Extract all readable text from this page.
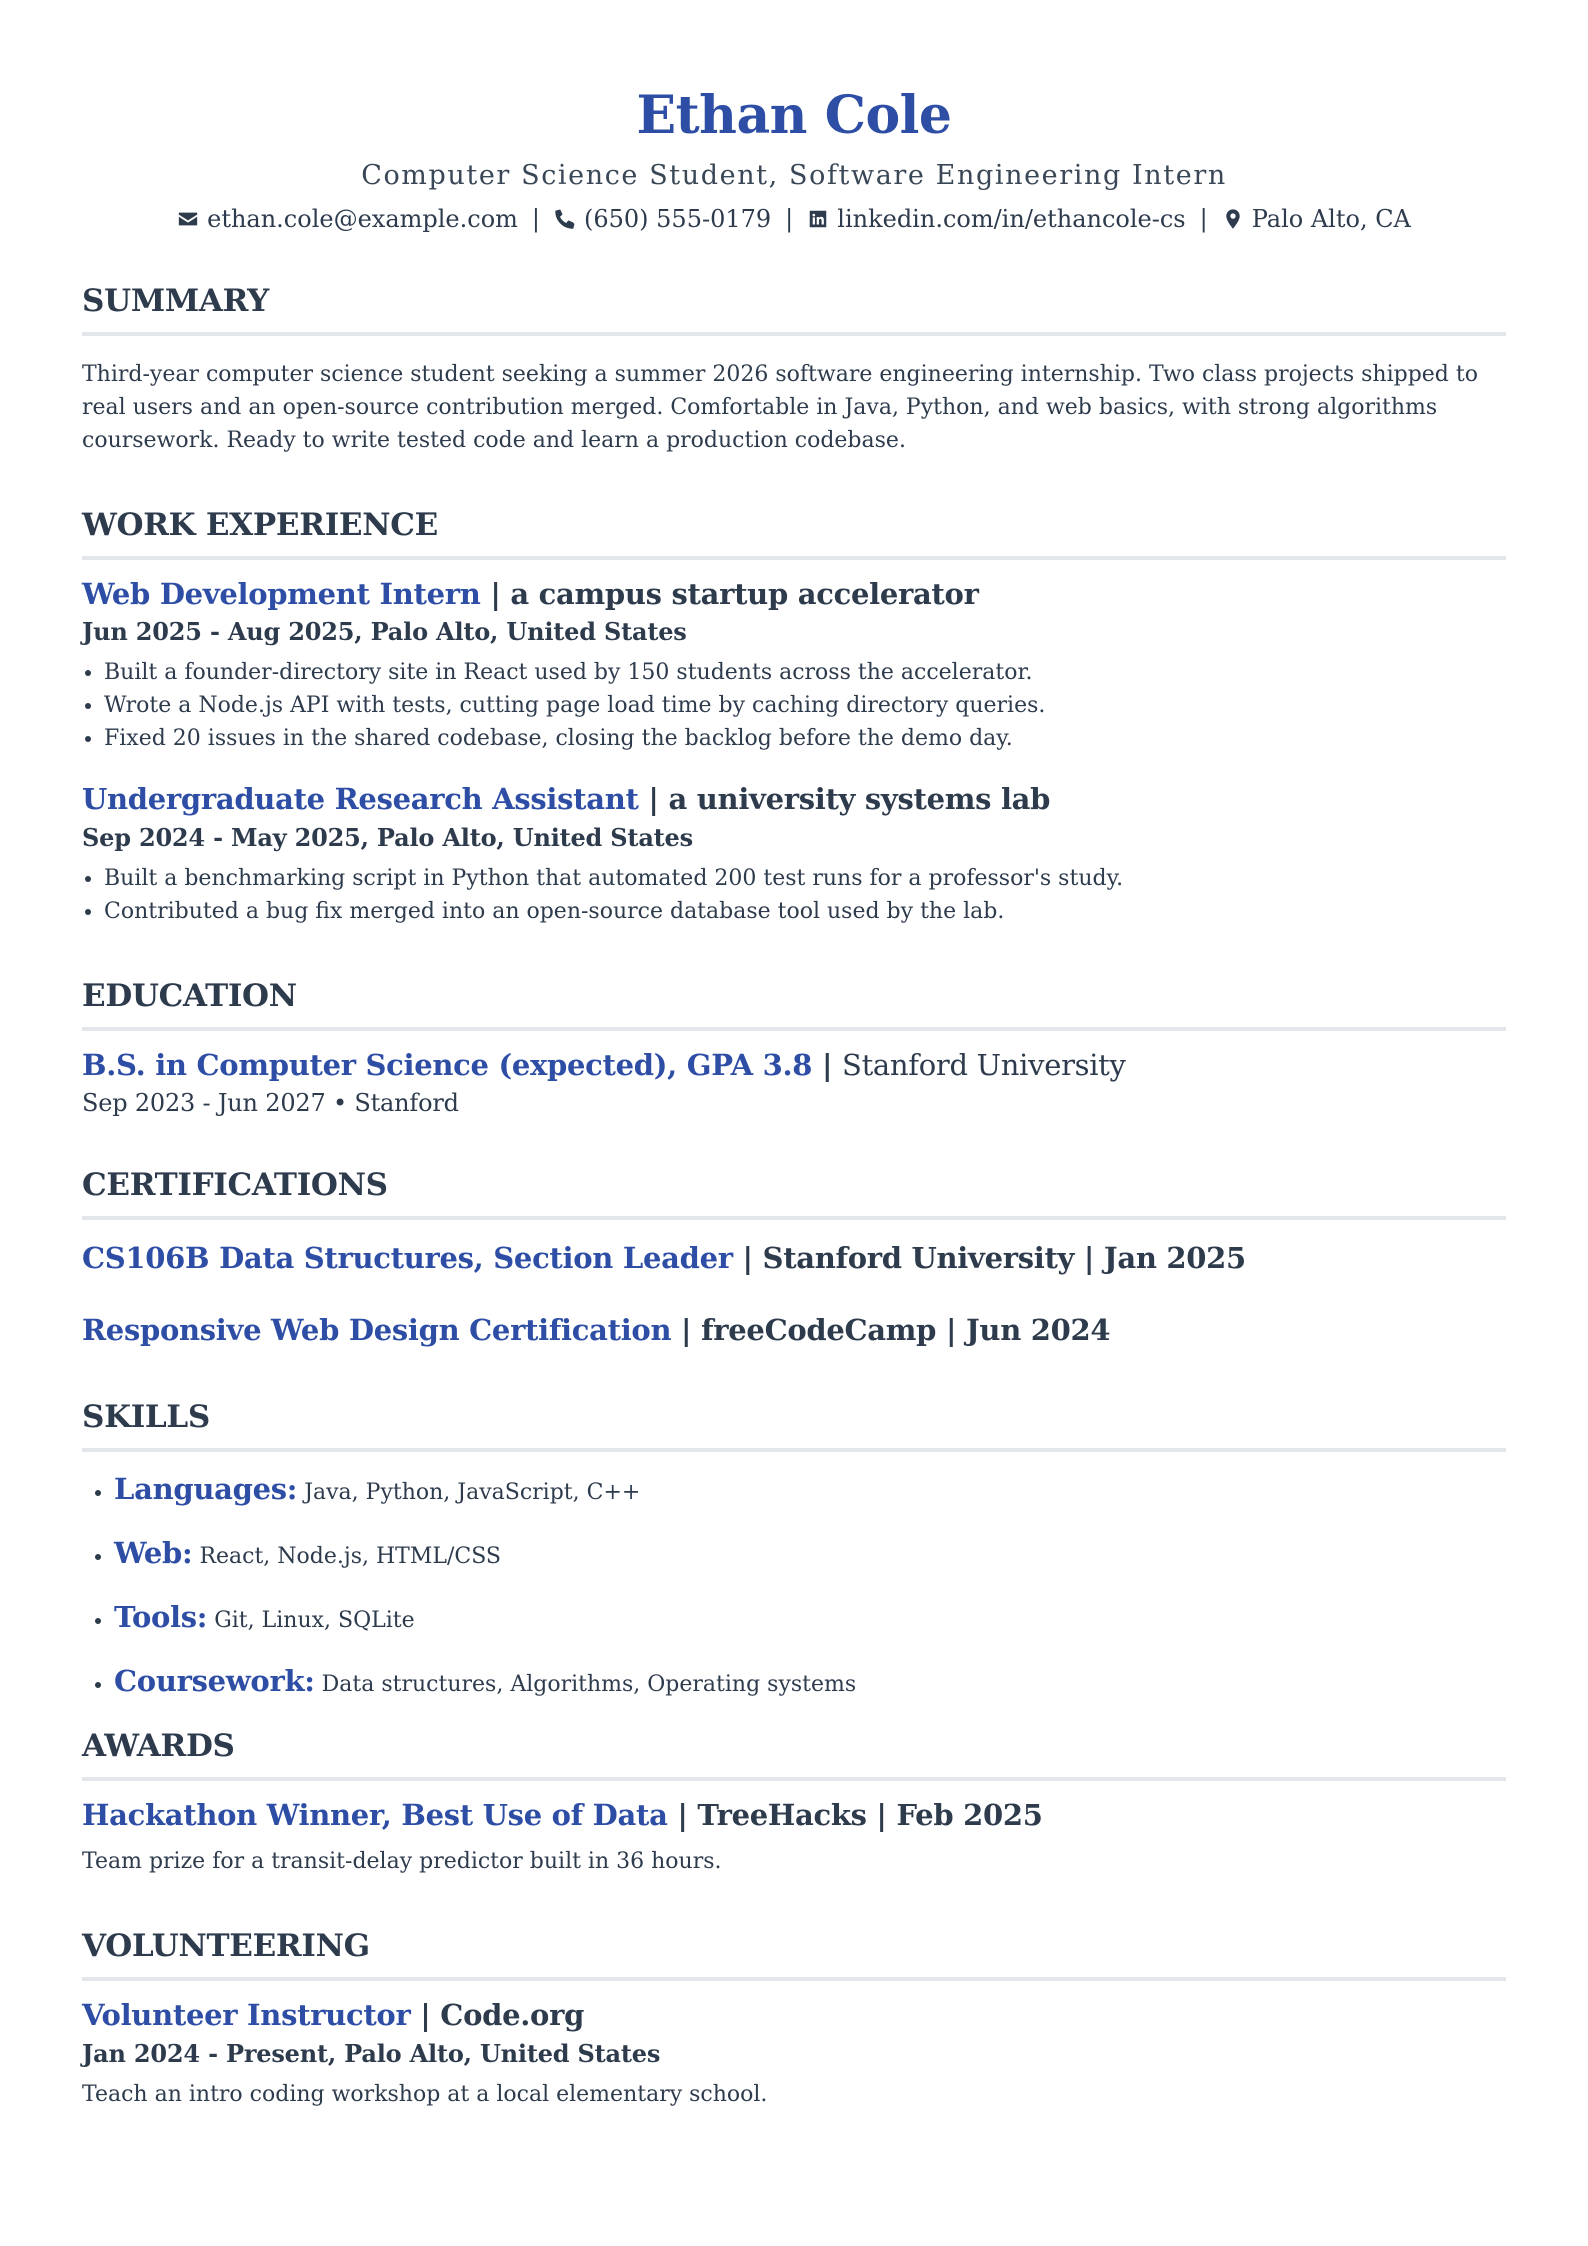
Ethan Cole
Computer Science Student, Software Engineering Intern
ethan.cole@example.com | (650) 555-0179 | linkedin.com/in/ethancole-cs | Palo Alto, CA
SUMMARY
Third-year computer science student seeking a summer 2026 software engineering internship. Two class projects shipped to real users and an open-source contribution merged. Comfortable in Java, Python, and web basics, with strong algorithms coursework. Ready to write tested code and learn a production codebase.
WORK EXPERIENCE
Web Development Intern | a campus startup accelerator
Jun 2025 - Aug 2025, Palo Alto, United States
• Built a founder-directory site in React used by 150 students across the accelerator.
• Wrote a Node.js API with tests, cutting page load time by caching directory queries.
• Fixed 20 issues in the shared codebase, closing the backlog before the demo day.
Undergraduate Research Assistant | a university systems lab
Sep 2024 - May 2025, Palo Alto, United States
• Built a benchmarking script in Python that automated 200 test runs for a professor's study.
• Contributed a bug fix merged into an open-source database tool used by the lab.
EDUCATION
B.S. in Computer Science (expected), GPA 3.8 | Stanford University
Sep 2023 - Jun 2027 • Stanford
CERTIFICATIONS
CS106B Data Structures, Section Leader | Stanford University | Jan 2025
Responsive Web Design Certification | freeCodeCamp | Jun 2024
SKILLS
• Languages: Java, Python, JavaScript, C++
• Web: React, Node.js, HTML/CSS
• Tools: Git, Linux, SQLite
• Coursework: Data structures, Algorithms, Operating systems
AWARDS
Hackathon Winner, Best Use of Data | TreeHacks | Feb 2025
Team prize for a transit-delay predictor built in 36 hours.
VOLUNTEERING
Volunteer Instructor | Code.org
Jan 2024 - Present, Palo Alto, United States
Teach an intro coding workshop at a local elementary school.
